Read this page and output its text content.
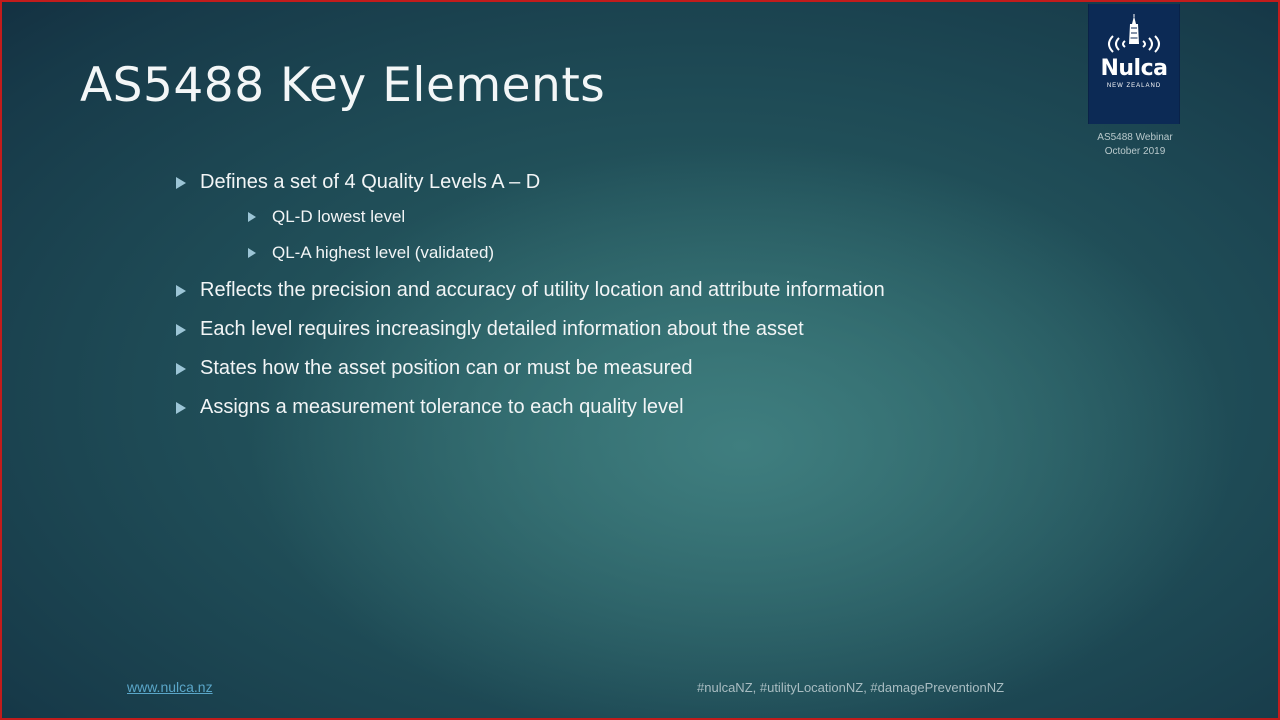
AS5488 Key Elements	Nulca
NEW ZEALAND
AS5488 Webinar
October 2019
Defines a set of 4 Quality Levels A – D
QL-D lowest level
QL-A highest level (validated)
Reflects the precision and accuracy of utility location and attribute information
Each level requires increasingly detailed information about the asset
States how the asset position can or must be measured
Assigns a measurement tolerance to each quality level
www.nulca.nz	#nulcaNZ, #utilityLocationNZ, #damagePreventionNZ
